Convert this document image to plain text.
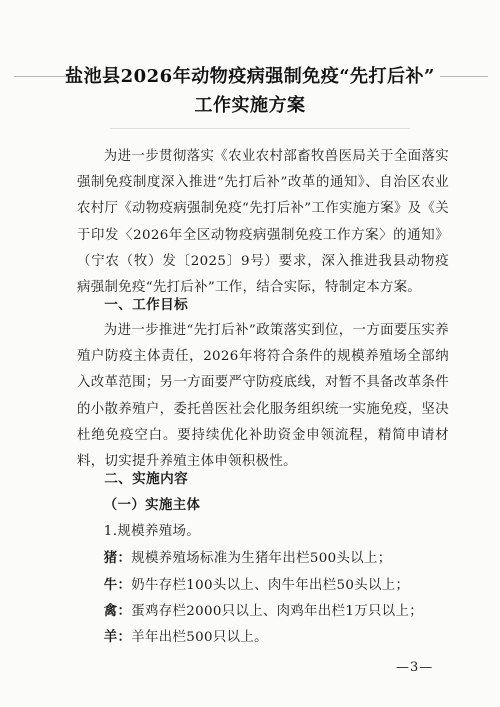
盐池县2026年动物疫病强制免疫“先打后补”
工作实施方案

为进一步贯彻落实《农业农村部畜牧兽医局关于全面落实强制免疫制度深入推进“先打后补”改革的通知》、自治区农业农村厅《动物疫病强制免疫“先打后补”工作实施方案》及《关于印发〈2026年全区动物疫病强制免疫工作方案〉的通知》（宁农（牧）发〔2025〕9号）要求，深入推进我县动物疫病强制免疫“先打后补”工作，结合实际，特制定本方案。

一、工作目标

为进一步推进“先打后补”政策落实到位，一方面要压实养殖户防疫主体责任，2026年将符合条件的规模养殖场全部纳入改革范围；另一方面要严守防疫底线，对暂不具备改革条件的小散养殖户，委托兽医社会化服务组织统一实施免疫，坚决杜绝免疫空白。要持续优化补助资金申领流程，精简申请材料，切实提升养殖主体申领积极性。

二、实施内容

（一）实施主体

1.规模养殖场。

猪：规模养殖场标准为生猪年出栏500头以上；

牛：奶牛存栏100头以上、肉牛年出栏50头以上；

禽：蛋鸡存栏2000只以上、肉鸡年出栏1万只以上；

羊：羊年出栏500只以上。

—3—
